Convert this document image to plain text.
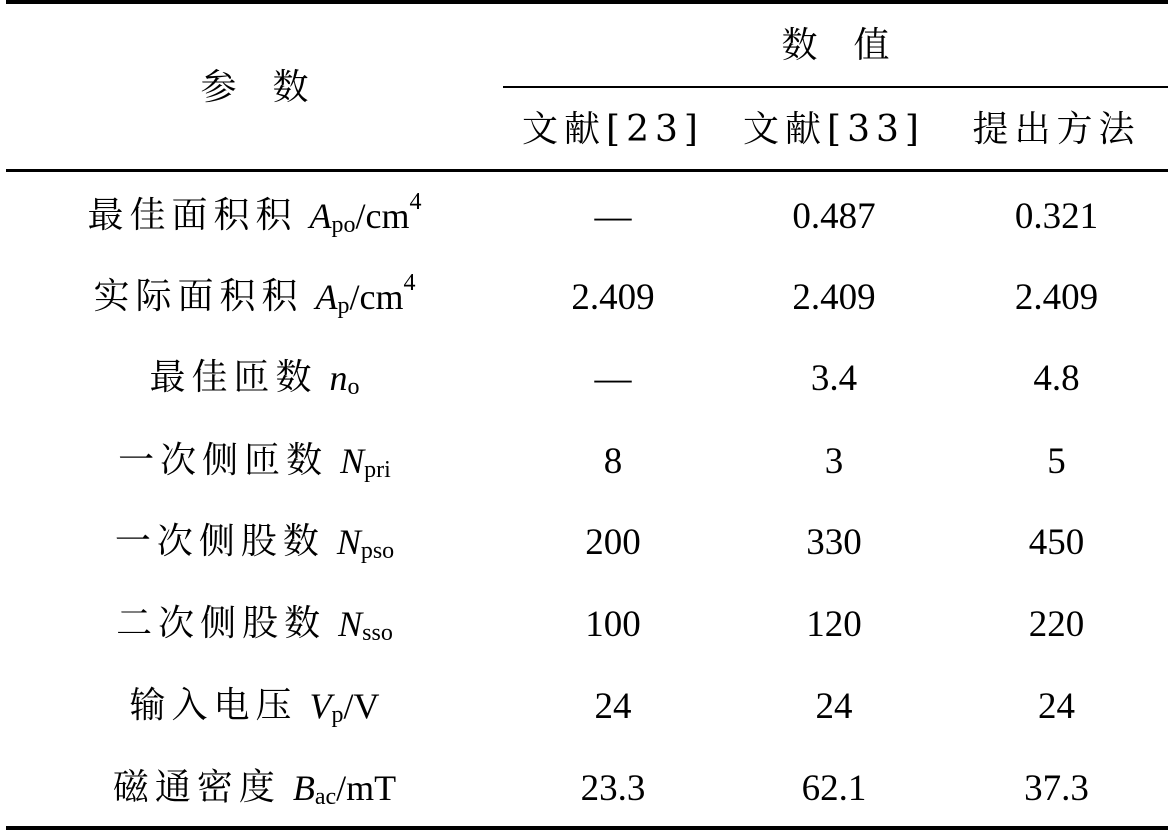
参数
数值
文献[23] 文献[33] 提出方法
最佳面积积 $A_{po}$ $/cm^4$	—	0.487	0.321
实际面积积 $A_p$ $/cm^4$	2.409	2.409	2.409
最佳匝数 $n_o$	—	3.4	4.8
一次侧匝数 $N_{pri}$	8	3	5
一次侧股数 $N_{pso}$	200	330	450
二次侧股数 $N_{sso}$	100	120	220
输入电压 $V_p$ /V	24	24	24
磁通密度 $B_{ac}$ /mT	23.3	62.1	37.3
